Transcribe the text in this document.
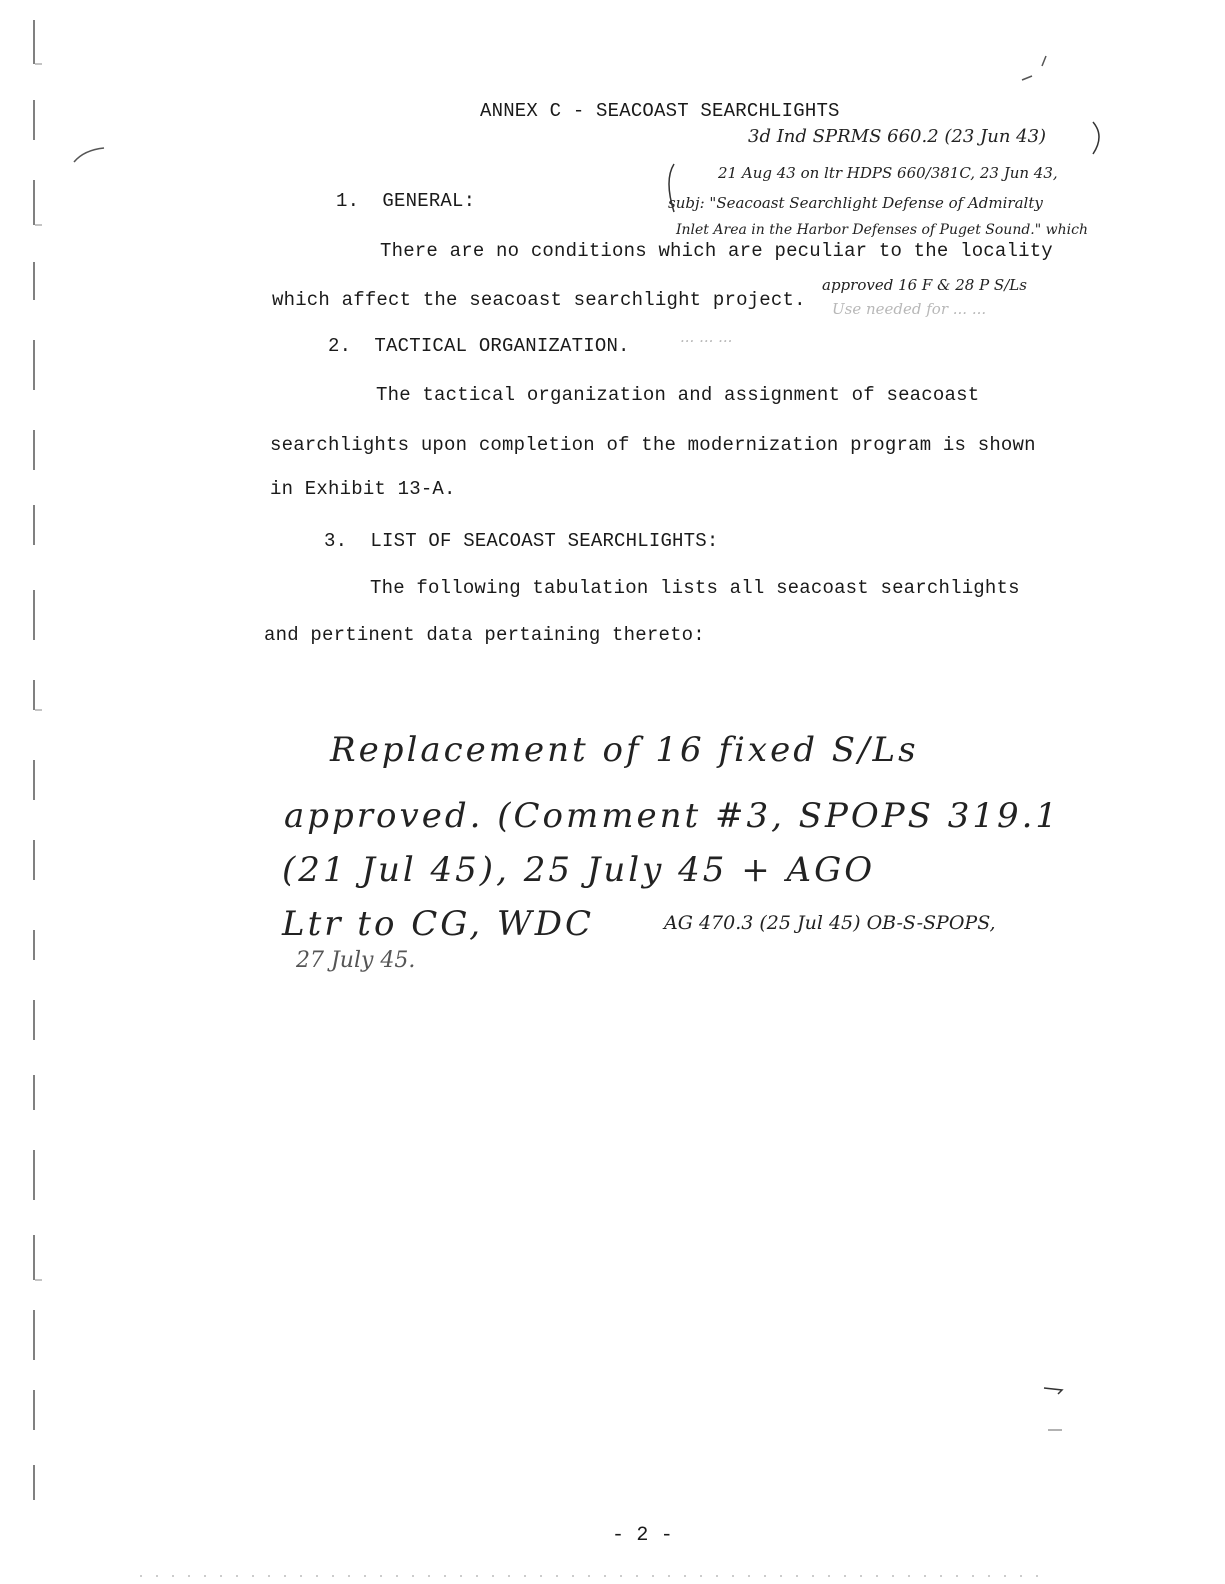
ANNEX C - SEACOAST SEARCHLIGHTS
3d Ind SPRMS 660.2 (23 Jun 43)
21 Aug 43 on ltr HDPS 660/381C, 23 Jun 43,
subj: "Seacoast Searchlight Defense of Admiralty
Inlet Area in the Harbor Defenses of Puget Sound." which
approved 16 F & 28 P S/Ls
Use needed for ... ...
... ... ...
1.  GENERAL:
There are no conditions which are peculiar to the locality
which affect the seacoast searchlight project.
2.  TACTICAL ORGANIZATION.
The tactical organization and assignment of seacoast
searchlights upon completion of the modernization program is shown
in Exhibit 13-A.
3.  LIST OF SEACOAST SEARCHLIGHTS:
The following tabulation lists all seacoast searchlights
and pertinent data pertaining thereto:
Replacement of 16 fixed S/Ls
approved. (Comment #3, SPOPS 319.1
(21 Jul 45), 25 July 45 + AGO
Ltr to CG, WDC	AG 470.3 (25 Jul 45) OB-S-SPOPS,
27 July 45.
- 2 -
